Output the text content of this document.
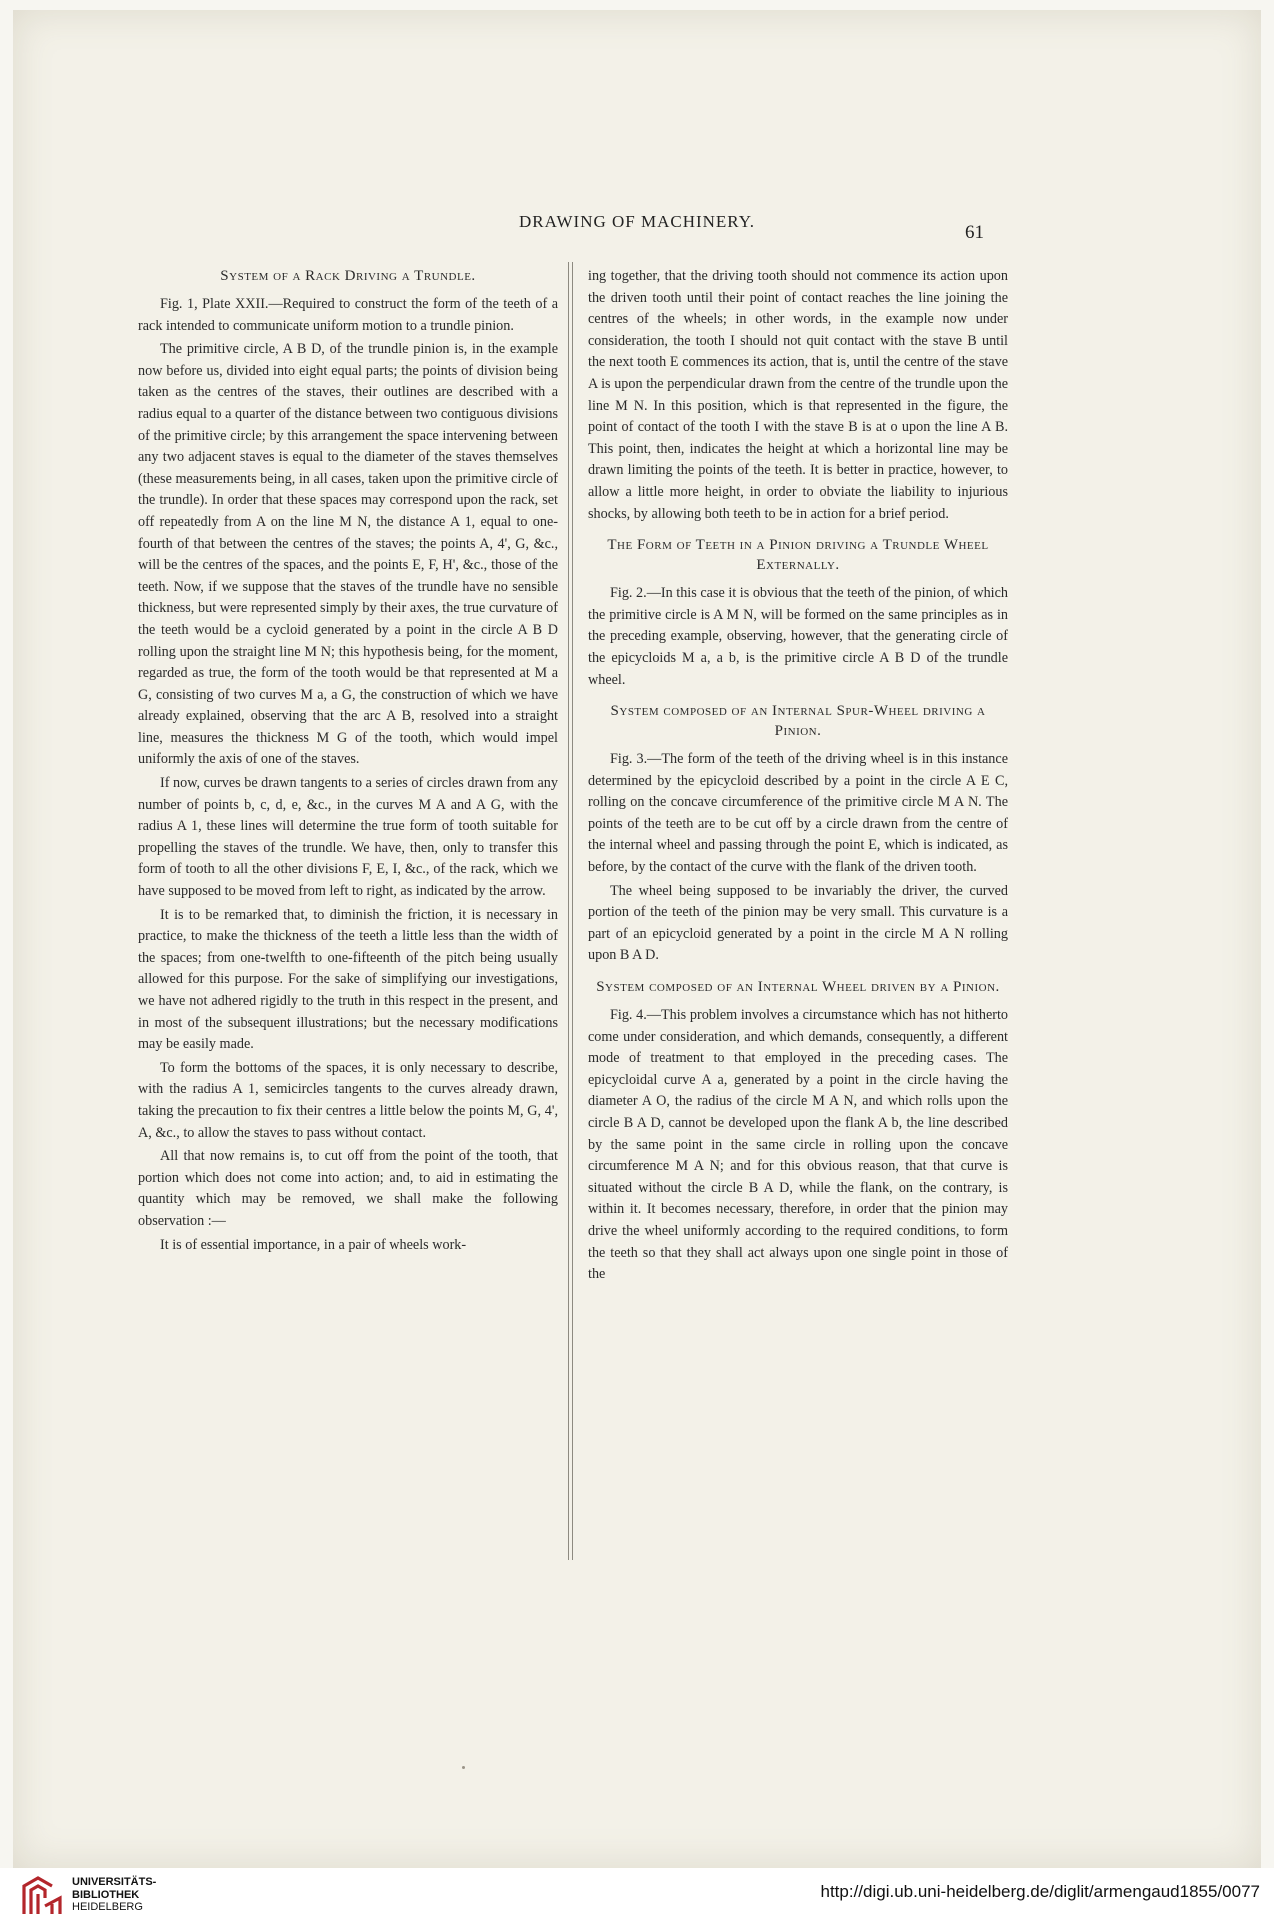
DRAWING OF MACHINERY.
61
System of a Rack Driving a Trundle.

Fig. 1, Plate XXII.—Required to construct the form of the teeth of a rack intended to communicate uniform motion to a trundle pinion.

The primitive circle, A B D, of the trundle pinion is, in the example now before us, divided into eight equal parts; the points of division being taken as the centres of the staves, their outlines are described with a radius equal to a quarter of the distance between two contiguous divisions of the primitive circle; by this arrangement the space intervening between any two adjacent staves is equal to the diameter of the staves themselves (these measurements being, in all cases, taken upon the primitive circle of the trundle). In order that these spaces may correspond upon the rack, set off repeatedly from A on the line M N, the distance A 1, equal to one-fourth of that between the centres of the staves; the points A, 4', G, &c., will be the centres of the spaces, and the points E, F, H', &c., those of the teeth. Now, if we suppose that the staves of the trundle have no sensible thickness, but were represented simply by their axes, the true curvature of the teeth would be a cycloid generated by a point in the circle A B D rolling upon the straight line M N; this hypothesis being, for the moment, regarded as true, the form of the tooth would be that represented at M a G, consisting of two curves M a, a G, the construction of which we have already explained, observing that the arc A B, resolved into a straight line, measures the thickness M G of the tooth, which would impel uniformly the axis of one of the staves.

If now, curves be drawn tangents to a series of circles drawn from any number of points b, c, d, e, &c., in the curves M A and A G, with the radius A 1, these lines will determine the true form of tooth suitable for propelling the staves of the trundle. We have, then, only to transfer this form of tooth to all the other divisions F, E, I, &c., of the rack, which we have supposed to be moved from left to right, as indicated by the arrow.

It is to be remarked that, to diminish the friction, it is necessary in practice, to make the thickness of the teeth a little less than the width of the spaces; from one-twelfth to one-fifteenth of the pitch being usually allowed for this purpose. For the sake of simplifying our investigations, we have not adhered rigidly to the truth in this respect in the present, and in most of the subsequent illustrations; but the necessary modifications may be easily made.

To form the bottoms of the spaces, it is only necessary to describe, with the radius A 1, semicircles tangents to the curves already drawn, taking the precaution to fix their centres a little below the points M, G, 4', A, &c., to allow the staves to pass without contact.

All that now remains is, to cut off from the point of the tooth, that portion which does not come into action; and, to aid in estimating the quantity which may be removed, we shall make the following observation :—

It is of essential importance, in a pair of wheels work-

ing together, that the driving tooth should not commence its action upon the driven tooth until their point of contact reaches the line joining the centres of the wheels; in other words, in the example now under consideration, the tooth I should not quit contact with the stave B until the next tooth E commences its action, that is, until the centre of the stave A is upon the perpendicular drawn from the centre of the trundle upon the line M N. In this position, which is that represented in the figure, the point of contact of the tooth I with the stave B is at o upon the line A B. This point, then, indicates the height at which a horizontal line may be drawn limiting the points of the teeth. It is better in practice, however, to allow a little more height, in order to obviate the liability to injurious shocks, by allowing both teeth to be in action for a brief period.

The Form of Teeth in a Pinion driving a Trundle Wheel Externally.

Fig. 2.—In this case it is obvious that the teeth of the pinion, of which the primitive circle is A M N, will be formed on the same principles as in the preceding example, observing, however, that the generating circle of the epicycloids M a, a b, is the primitive circle A B D of the trundle wheel.

System composed of an Internal Spur-Wheel driving a Pinion.

Fig. 3.—The form of the teeth of the driving wheel is in this instance determined by the epicycloid described by a point in the circle A E C, rolling on the concave circumference of the primitive circle M A N. The points of the teeth are to be cut off by a circle drawn from the centre of the internal wheel and passing through the point E, which is indicated, as before, by the contact of the curve with the flank of the driven tooth.

The wheel being supposed to be invariably the driver, the curved portion of the teeth of the pinion may be very small. This curvature is a part of an epicycloid generated by a point in the circle M A N rolling upon B A D.

System composed of an Internal Wheel driven by a Pinion.

Fig. 4.—This problem involves a circumstance which has not hitherto come under consideration, and which demands, consequently, a different mode of treatment to that employed in the preceding cases. The epicycloidal curve A a, generated by a point in the circle having the diameter A O, the radius of the circle M A N, and which rolls upon the circle B A D, cannot be developed upon the flank A b, the line described by the same point in the same circle in rolling upon the concave circumference M A N; and for this obvious reason, that that curve is situated without the circle B A D, while the flank, on the contrary, is within it. It becomes necessary, therefore, in order that the pinion may drive the wheel uniformly according to the required conditions, to form the teeth so that they shall act always upon one single point in those of the

UNIVERSITÄTS-
BIBLIOTHEK
HEIDELBERG
http://digi.ub.uni-heidelberg.de/diglit/armengaud1855/0077
